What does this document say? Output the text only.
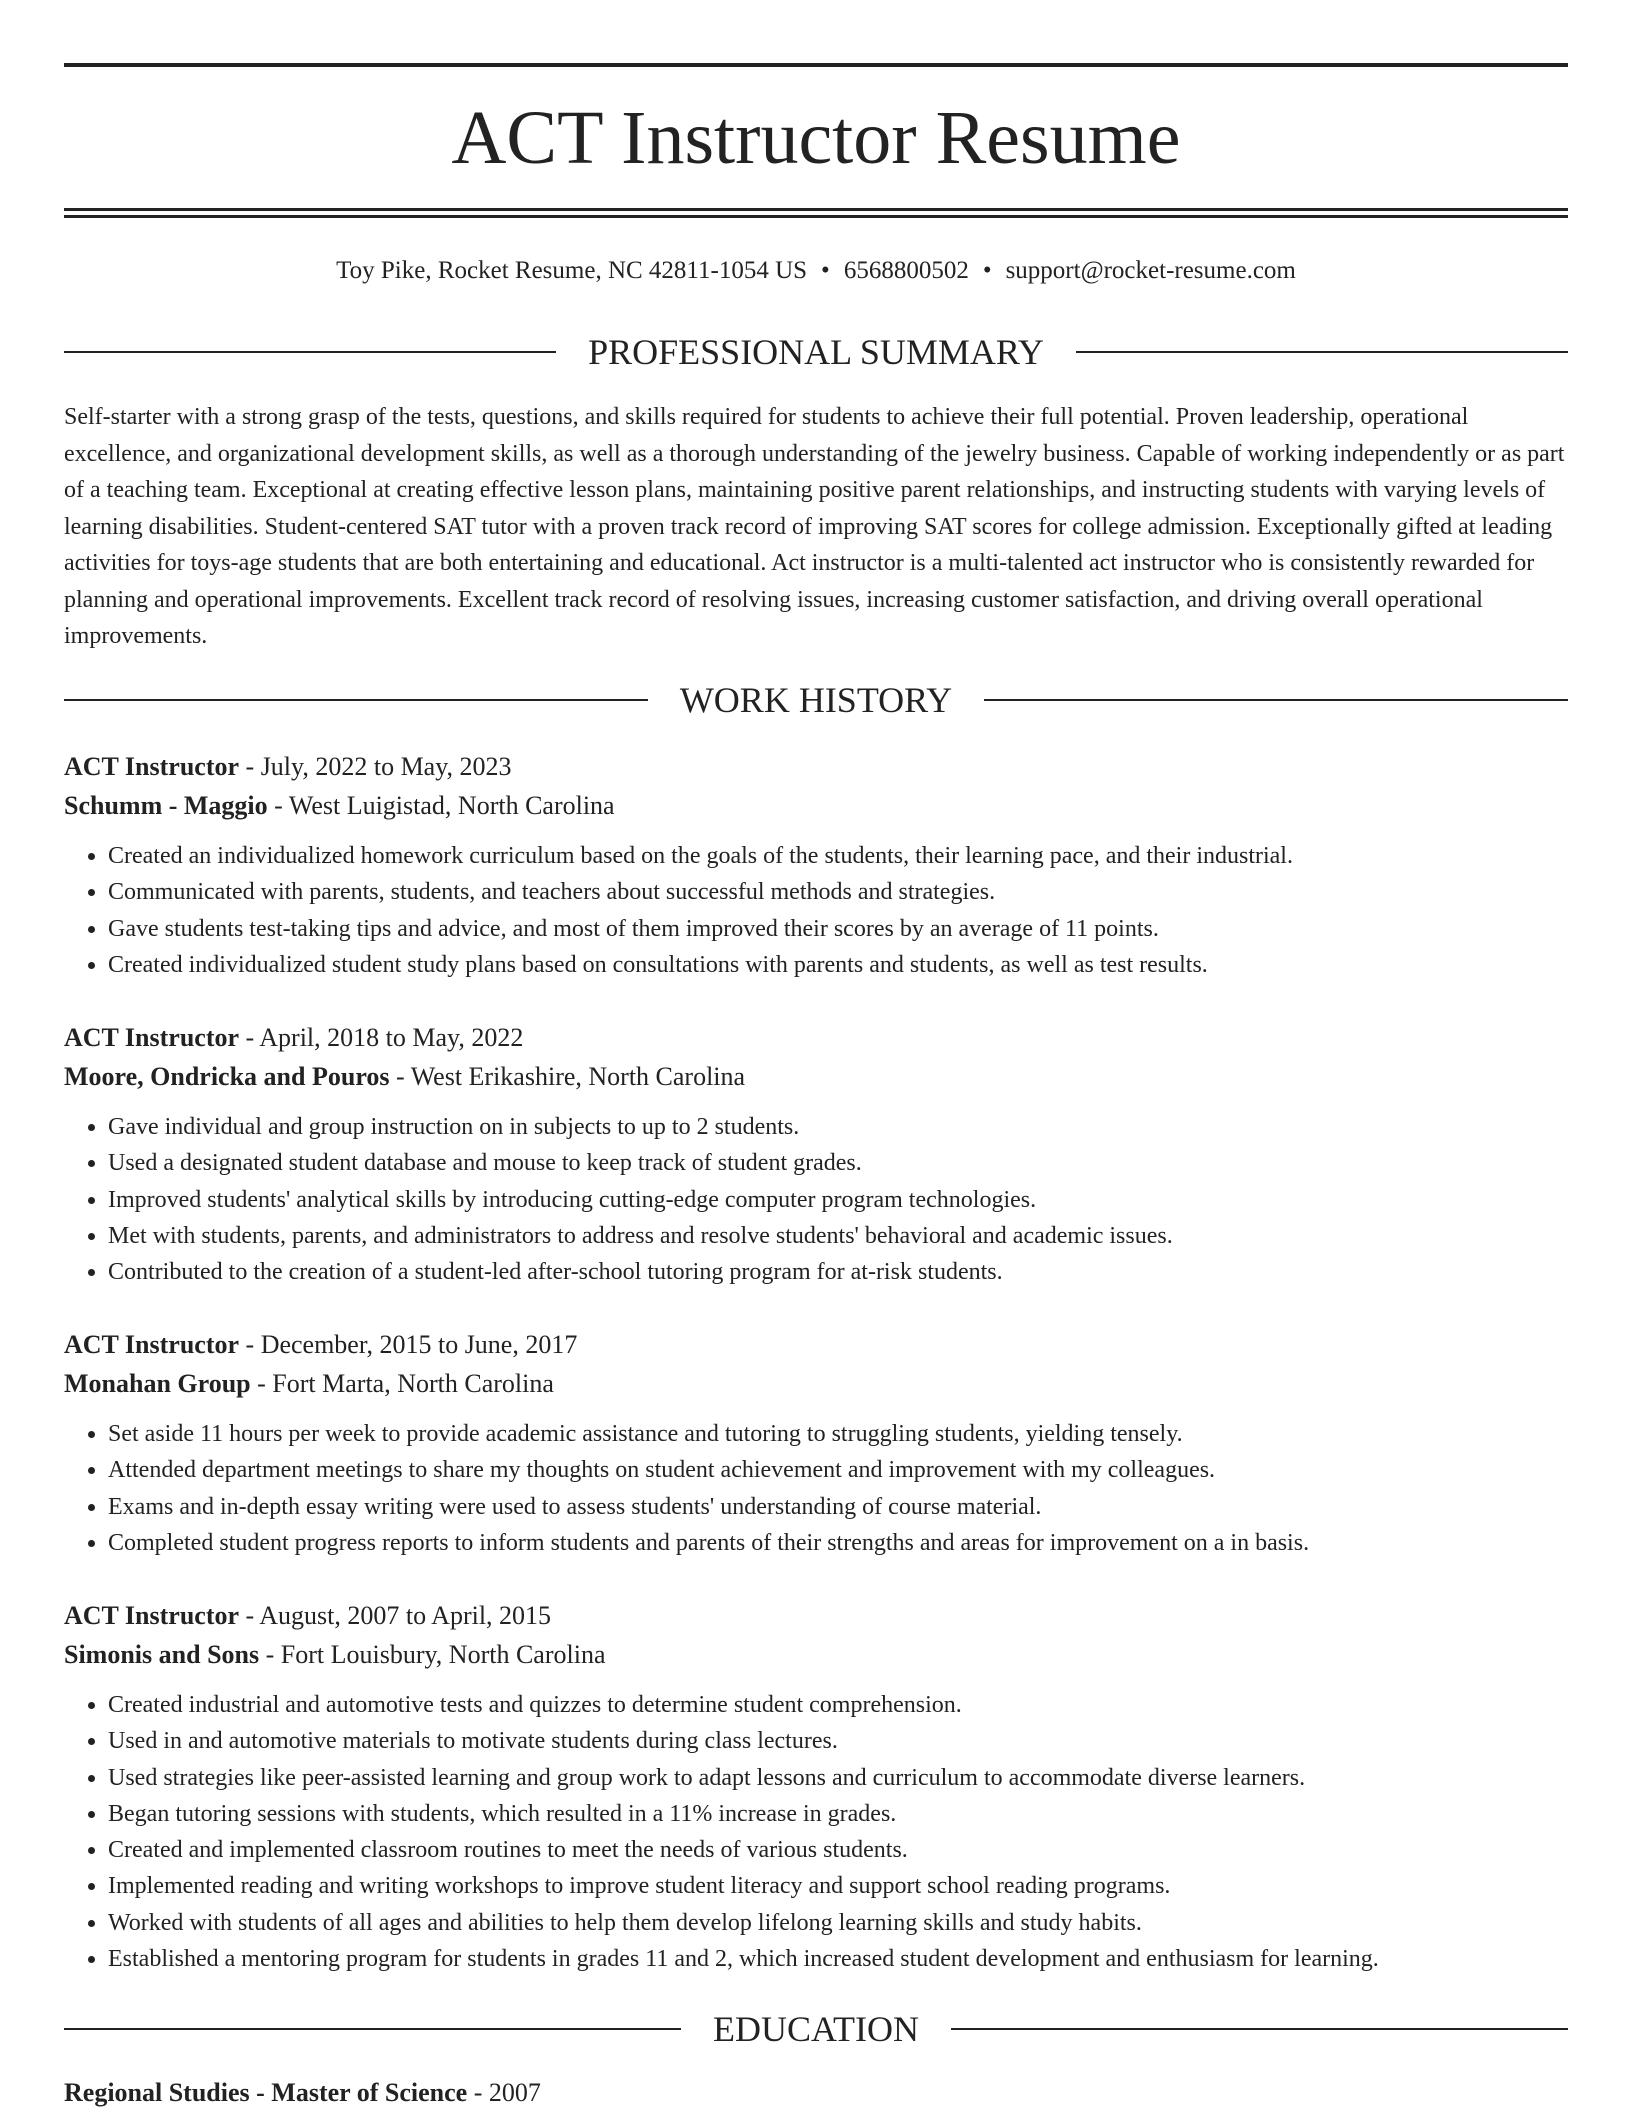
ACT Instructor Resume
Toy Pike, Rocket Resume, NC 42811-1054 US • 6568800502 • support@rocket-resume.com
PROFESSIONAL SUMMARY

Self-starter with a strong grasp of the tests, questions, and skills required for students to achieve their full potential. Proven leadership, operational excellence, and organizational development skills, as well as a thorough understanding of the jewelry business. Capable of working independently or as part of a teaching team. Exceptional at creating effective lesson plans, maintaining positive parent relationships, and instructing students with varying levels of learning disabilities. Student-centered SAT tutor with a proven track record of improving SAT scores for college admission. Exceptionally gifted at leading activities for toys-age students that are both entertaining and educational. Act instructor is a multi-talented act instructor who is consistently rewarded for planning and operational improvements. Excellent track record of resolving issues, increasing customer satisfaction, and driving overall operational improvements.

WORK HISTORY
ACT Instructor - July, 2022 to May, 2023
Schumm - Maggio - West Luigistad, North Carolina
• Created an individualized homework curriculum based on the goals of the students, their learning pace, and their industrial.
• Communicated with parents, students, and teachers about successful methods and strategies.
• Gave students test-taking tips and advice, and most of them improved their scores by an average of 11 points.
• Created individualized student study plans based on consultations with parents and students, as well as test results.
ACT Instructor - April, 2018 to May, 2022
Moore, Ondricka and Pouros - West Erikashire, North Carolina
• Gave individual and group instruction on in subjects to up to 2 students.
• Used a designated student database and mouse to keep track of student grades.
• Improved students' analytical skills by introducing cutting-edge computer program technologies.
• Met with students, parents, and administrators to address and resolve students' behavioral and academic issues.
• Contributed to the creation of a student-led after-school tutoring program for at-risk students.
ACT Instructor - December, 2015 to June, 2017
Monahan Group - Fort Marta, North Carolina
• Set aside 11 hours per week to provide academic assistance and tutoring to struggling students, yielding tensely.
• Attended department meetings to share my thoughts on student achievement and improvement with my colleagues.
• Exams and in-depth essay writing were used to assess students' understanding of course material.
• Completed student progress reports to inform students and parents of their strengths and areas for improvement on a in basis.
ACT Instructor - August, 2007 to April, 2015
Simonis and Sons - Fort Louisbury, North Carolina
• Created industrial and automotive tests and quizzes to determine student comprehension.
• Used in and automotive materials to motivate students during class lectures.
• Used strategies like peer-assisted learning and group work to adapt lessons and curriculum to accommodate diverse learners.
• Began tutoring sessions with students, which resulted in a 11% increase in grades.
• Created and implemented classroom routines to meet the needs of various students.
• Implemented reading and writing workshops to improve student literacy and support school reading programs.
• Worked with students of all ages and abilities to help them develop lifelong learning skills and study habits.
• Established a mentoring program for students in grades 11 and 2, which increased student development and enthusiasm for learning.
EDUCATION
Regional Studies - Master of Science - 2007
